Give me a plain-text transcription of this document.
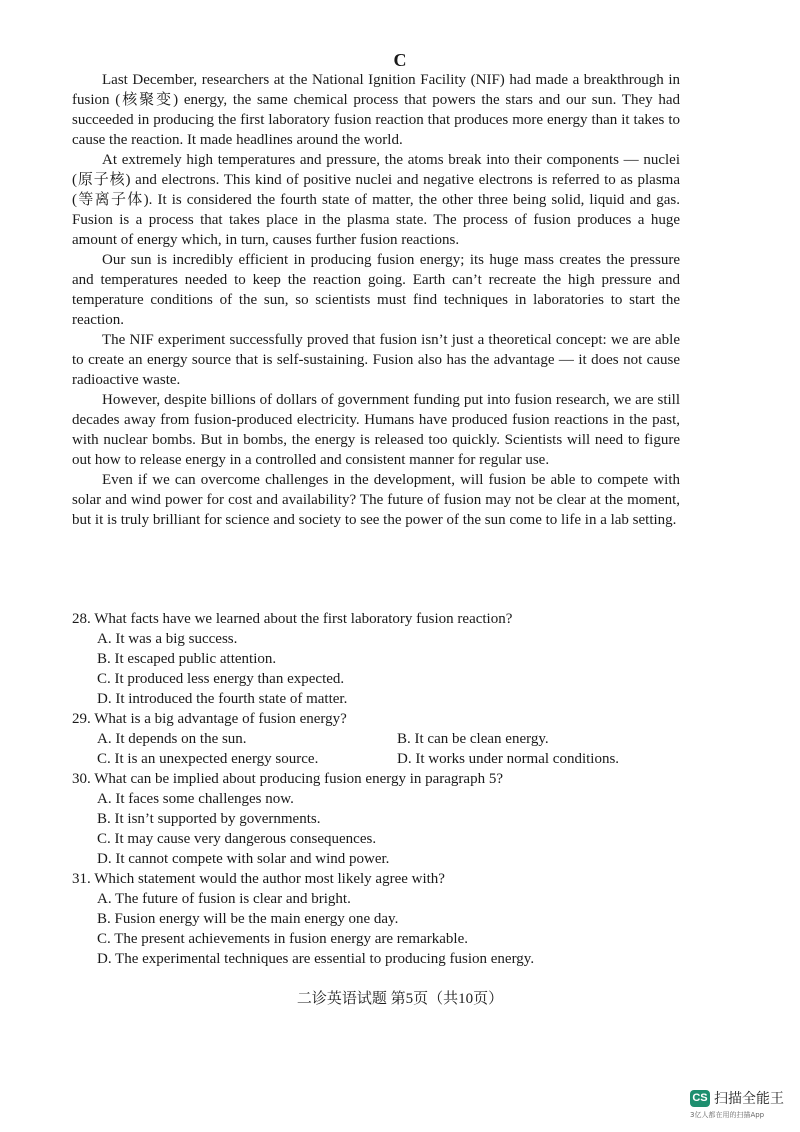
C

Last December, researchers at the National Ignition Facility (NIF) had made a breakthrough in fusion (核聚变) energy, the same chemical process that powers the stars and our sun. They had succeeded in producing the first laboratory fusion reaction that produces more energy than it takes to cause the reaction. It made headlines around the world.

At extremely high temperatures and pressure, the atoms break into their components — nuclei (原子核) and electrons. This kind of positive nuclei and negative electrons is referred to as plasma (等离子体). It is considered the fourth state of matter, the other three being solid, liquid and gas. Fusion is a process that takes place in the plasma state. The process of fusion produces a huge amount of energy which, in turn, causes further fusion reactions.

Our sun is incredibly efficient in producing fusion energy; its huge mass creates the pressure and temperatures needed to keep the reaction going. Earth can’t recreate the high pressure and temperature conditions of the sun, so scientists must find techniques in laboratories to start the reaction.

The NIF experiment successfully proved that fusion isn’t just a theoretical concept: we are able to create an energy source that is self-sustaining. Fusion also has the advantage — it does not cause radioactive waste.

However, despite billions of dollars of government funding put into fusion research, we are still decades away from fusion-produced electricity. Humans have produced fusion reactions in the past, with nuclear bombs. But in bombs, the energy is released too quickly. Scientists will need to figure out how to release energy in a controlled and consistent manner for regular use.

Even if we can overcome challenges in the development, will fusion be able to compete with solar and wind power for cost and availability? The future of fusion may not be clear at the moment, but it is truly brilliant for science and society to see the power of the sun come to life in a lab setting.

28. What facts have we learned about the first laboratory fusion reaction?

A. It was a big success.

B. It escaped public attention.

C. It produced less energy than expected.

D. It introduced the fourth state of matter.

29. What is a big advantage of fusion energy?

A. It depends on the sun.	B. It can be clean energy.

C. It is an unexpected energy source.	D. It works under normal conditions.

30. What can be implied about producing fusion energy in paragraph 5?

A. It faces some challenges now.

B. It isn’t supported by governments.

C. It may cause very dangerous consequences.

D. It cannot compete with solar and wind power.

31. Which statement would the author most likely agree with?

A. The future of fusion is clear and bright.

B. Fusion energy will be the main energy one day.

C. The present achievements in fusion energy are remarkable.

D. The experimental techniques are essential to producing fusion energy.

二诊英语试题 第5页（共10页）
CS 扫描全能王
3亿人都在用的扫描App
